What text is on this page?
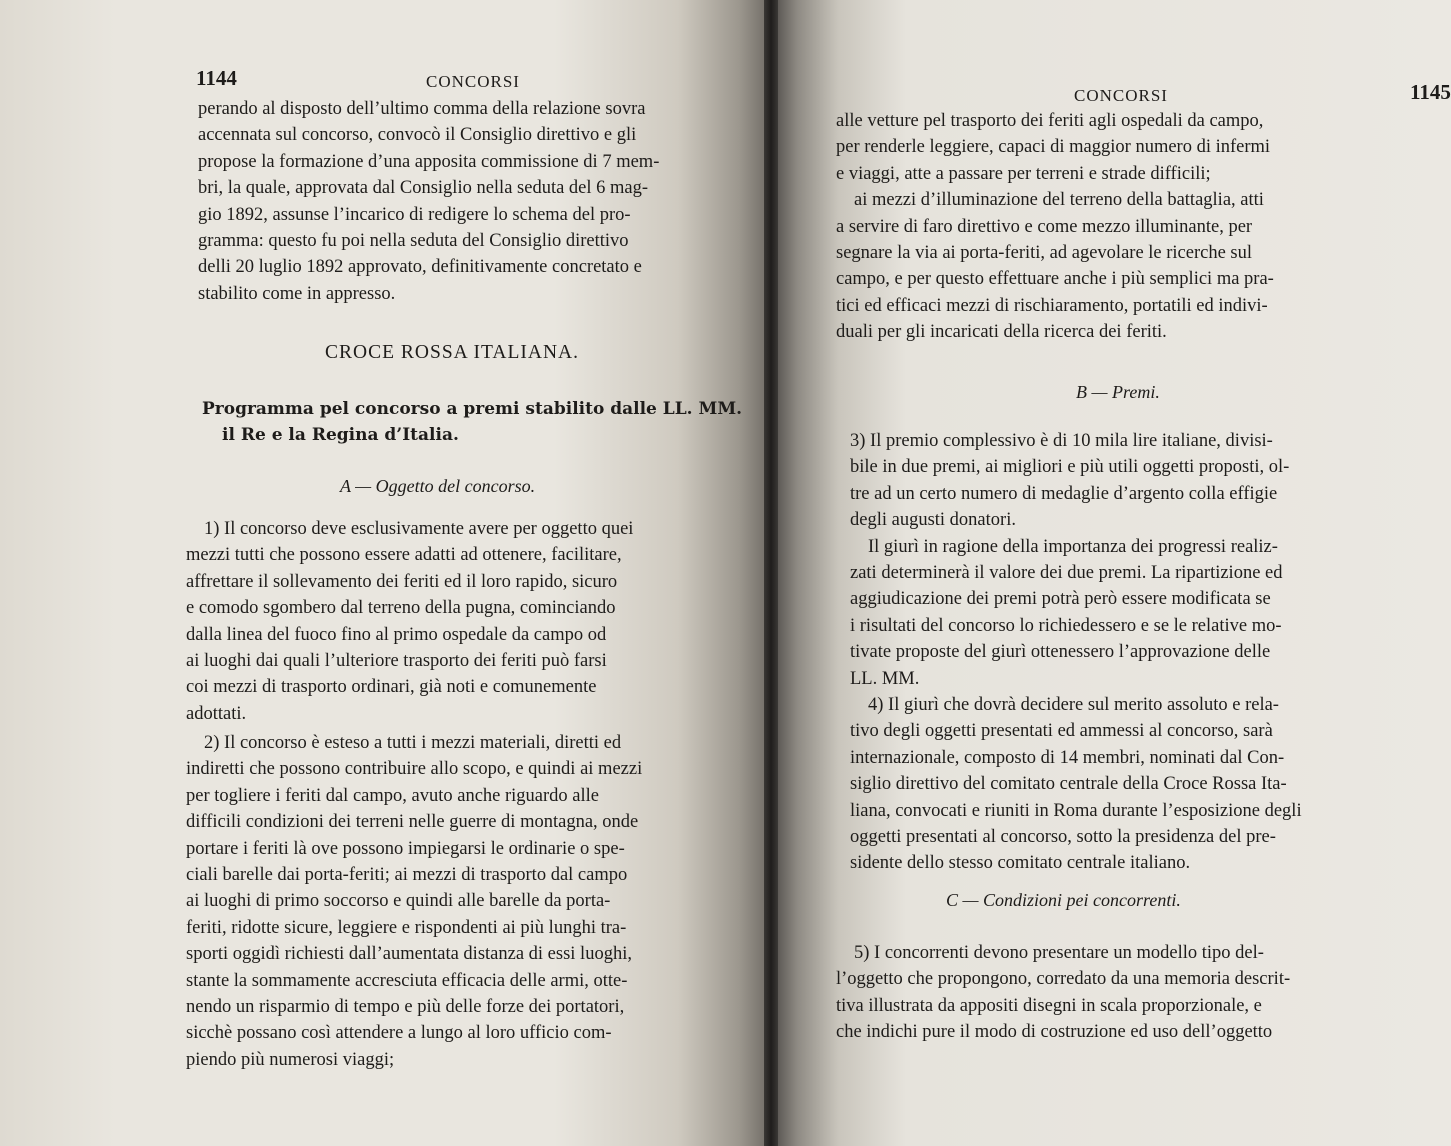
1144	CONCORSI

perando al disposto dell’ultimo comma della relazione sovra

accennata sul concorso, convocò il Consiglio direttivo e gli

propose la formazione d’una apposita commissione di 7 mem-

bri, la quale, approvata dal Consiglio nella seduta del 6 mag-

gio 1892, assunse l’incarico di redigere lo schema del pro-

gramma: questo fu poi nella seduta del Consiglio direttivo

delli 20 luglio 1892 approvato, definitivamente concretato e

stabilito come in appresso.

CROCE ROSSA ITALIANA.
Programma pel concorso a premi stabilito dalle LL. MM.
il Re e la Regina d’Italia.
A — Oggetto del concorso.

1) Il concorso deve esclusivamente avere per oggetto quei

mezzi tutti che possono essere adatti ad ottenere, facilitare,

affrettare il sollevamento dei feriti ed il loro rapido, sicuro

e comodo sgombero dal terreno della pugna, cominciando

dalla linea del fuoco fino al primo ospedale da campo od

ai luoghi dai quali l’ulteriore trasporto dei feriti può farsi

coi mezzi di trasporto ordinari, già noti e comunemente

adottati.

2) Il concorso è esteso a tutti i mezzi materiali, diretti ed

indiretti che possono contribuire allo scopo, e quindi ai mezzi

per togliere i feriti dal campo, avuto anche riguardo alle

difficili condizioni dei terreni nelle guerre di montagna, onde

portare i feriti là ove possono impiegarsi le ordinarie o spe-

ciali barelle dai porta-feriti; ai mezzi di trasporto dal campo

ai luoghi di primo soccorso e quindi alle barelle da porta-

feriti, ridotte sicure, leggiere e rispondenti ai più lunghi tra-

sporti oggidì richiesti dall’aumentata distanza di essi luoghi,

stante la sommamente accresciuta efficacia delle armi, otte-

nendo un risparmio di tempo e più delle forze dei portatori,

sicchè possano così attendere a lungo al loro ufficio com-

piendo più numerosi viaggi;

CONCORSI	1145

alle vetture pel trasporto dei feriti agli ospedali da campo,

per renderle leggiere, capaci di maggior numero di infermi

e viaggi, atte a passare per terreni e strade difficili;

ai mezzi d’illuminazione del terreno della battaglia, atti

a servire di faro direttivo e come mezzo illuminante, per

segnare la via ai porta-feriti, ad agevolare le ricerche sul

campo, e per questo effettuare anche i più semplici ma pra-

tici ed efficaci mezzi di rischiaramento, portatili ed indivi-

duali per gli incaricati della ricerca dei feriti.

B — Premi.

3) Il premio complessivo è di 10 mila lire italiane, divisi-

bile in due premi, ai migliori e più utili oggetti proposti, ol-

tre ad un certo numero di medaglie d’argento colla effigie

degli augusti donatori.

Il giurì in ragione della importanza dei progressi realiz-

zati determinerà il valore dei due premi. La ripartizione ed

aggiudicazione dei premi potrà però essere modificata se

i risultati del concorso lo richiedessero e se le relative mo-

tivate proposte del giurì ottenessero l’approvazione delle

LL. MM.

4) Il giurì che dovrà decidere sul merito assoluto e rela-

tivo degli oggetti presentati ed ammessi al concorso, sarà

internazionale, composto di 14 membri, nominati dal Con-

siglio direttivo del comitato centrale della Croce Rossa Ita-

liana, convocati e riuniti in Roma durante l’esposizione degli

oggetti presentati al concorso, sotto la presidenza del pre-

sidente dello stesso comitato centrale italiano.

C — Condizioni pei concorrenti.

5) I concorrenti devono presentare un modello tipo del-

l’oggetto che propongono, corredato da una memoria descrit-

tiva illustrata da appositi disegni in scala proporzionale, e

che indichi pure il modo di costruzione ed uso dell’oggetto
